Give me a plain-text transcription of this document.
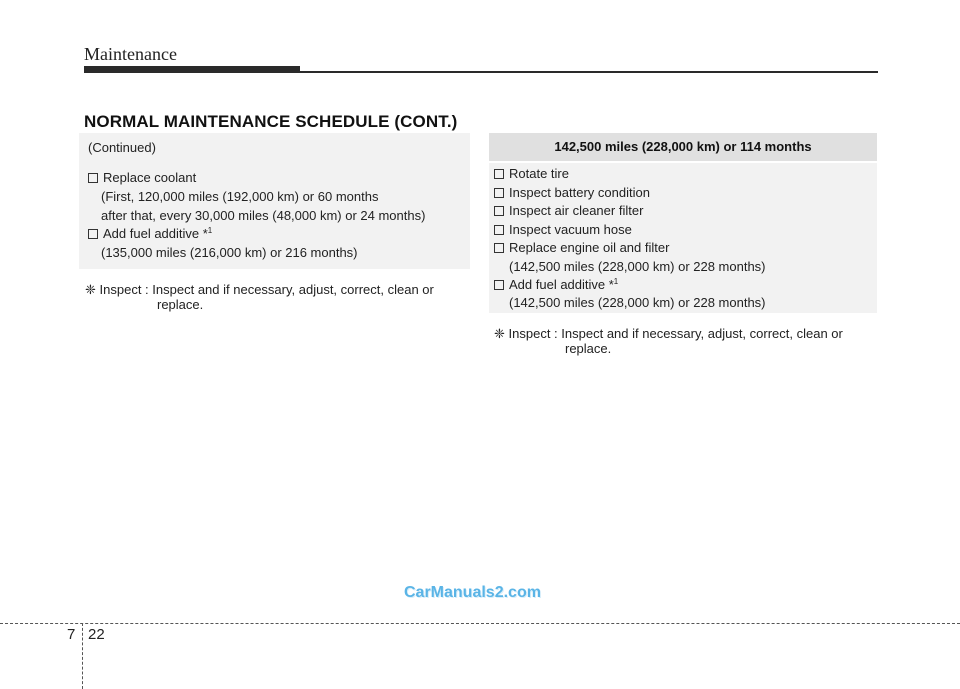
Maintenance
NORMAL MAINTENANCE SCHEDULE (CONT.)
(Continued)
Replace coolant
(First, 120,000 miles (192,000 km) or 60 months
after that, every 30,000 miles (48,000 km) or 24 months)
Add fuel additive *$^1$
(135,000 miles (216,000 km) or 216 months)
❈ Inspect : Inspect and if necessary, adjust, correct, clean or
replace.
142,500 miles (228,000 km) or 114 months
Rotate tire
Inspect battery condition
Inspect air cleaner filter
Inspect vacuum hose
Replace engine oil and filter
(142,500 miles (228,000 km) or 228 months)
Add fuel additive *$^1$
(142,500 miles (228,000 km) or 228 months)
❈ Inspect : Inspect and if necessary, adjust, correct, clean or
replace.
CarManuals2.com
7 22
